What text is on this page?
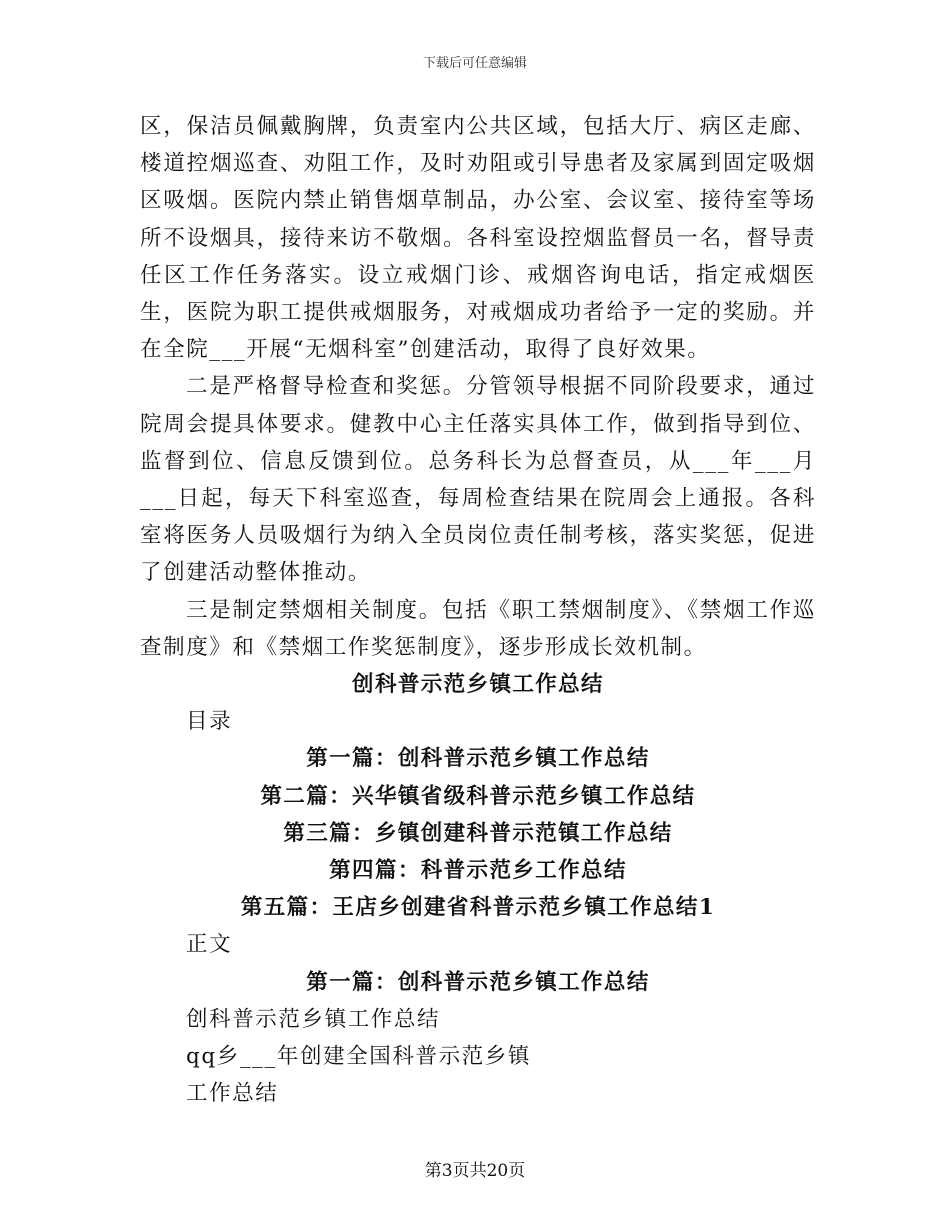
下载后可任意编辑

区，保洁员佩戴胸牌，负责室内公共区域，包括大厅、病区走廊、楼道控烟巡查、劝阻工作，及时劝阻或引导患者及家属到固定吸烟区吸烟。医院内禁止销售烟草制品，办公室、会议室、接待室等场所不设烟具，接待来访不敬烟。各科室设控烟监督员一名，督导责任区工作任务落实。设立戒烟门诊、戒烟咨询电话，指定戒烟医生，医院为职工提供戒烟服务，对戒烟成功者给予一定的奖励。并在全院___开展“无烟科室”创建活动，取得了良好效果。

二是严格督导检查和奖惩。分管领导根据不同阶段要求，通过院周会提具体要求。健教中心主任落实具体工作，做到指导到位、监督到位、信息反馈到位。总务科长为总督查员，从___年___月___日起，每天下科室巡查，每周检查结果在院周会上通报。各科室将医务人员吸烟行为纳入全员岗位责任制考核，落实奖惩，促进了创建活动整体推动。

三是制定禁烟相关制度。包括《职工禁烟制度》、《禁烟工作巡查制度》和《禁烟工作奖惩制度》，逐步形成长效机制。

创科普示范乡镇工作总结

目录

第一篇：创科普示范乡镇工作总结
第二篇：兴华镇省级科普示范乡镇工作总结
第三篇：乡镇创建科普示范镇工作总结
第四篇：科普示范乡工作总结
第五篇：王店乡创建省科普示范乡镇工作总结1

正文

第一篇：创科普示范乡镇工作总结

创科普示范乡镇工作总结

qq乡___年创建全国科普示范乡镇

工作总结

第3页共20页
